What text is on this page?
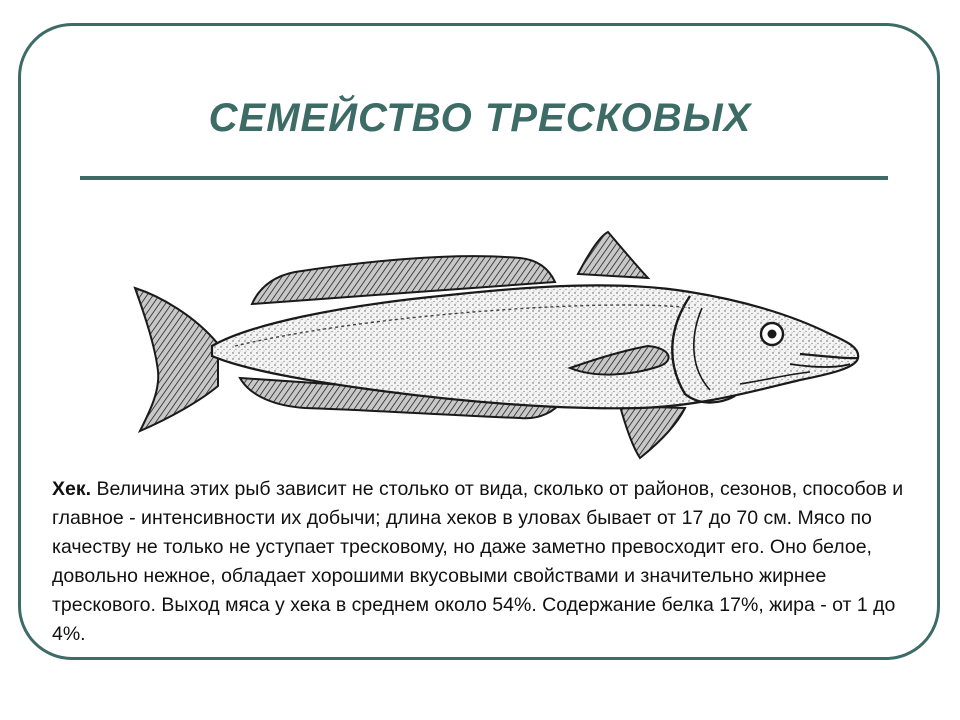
СЕМЕЙСТВО ТРЕСКОВЫХ

Хек. Величина этих рыб зависит не столько от вида, сколько от районов, сезонов, способов и главное - интенсивности их добычи; длина хеков в уловах бывает от 17 до 70 см. Мясо по качеству не только не уступает тресковому, но даже заметно превосходит его. Оно белое, довольно нежное, обладает хорошими вкусовыми свойствами и значительно жирнее трескового. Выход мяса у хека в среднем около 54%. Содержание белка 17%, жира - от 1 до 4%.
